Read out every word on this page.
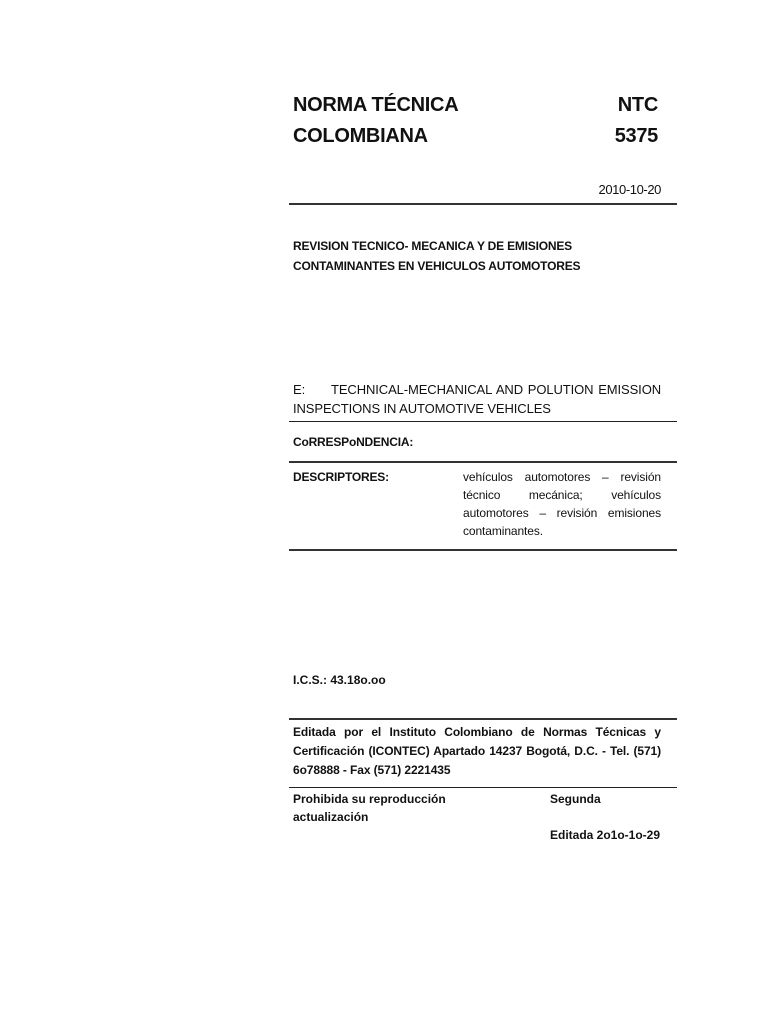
NORMA TÉCNICA
COLOMBIANA
NTC
5375
2010-10-20
REVISION TECNICO- MECANICA Y DE EMISIONES
CONTAMINANTES EN VEHICULOS AUTOMOTORES
E: TECHNICAL-MECHANICAL AND POLUTION EMISSION INSPECTIONS IN AUTOMOTIVE VEHICLES
CoRRESPoNDENCIA:
DESCRIPTORES:	vehículos automotores – revisión técnico mecánica; vehículos automotores – revisión emisiones contaminantes.
I.C.S.: 43.18o.oo
Editada por el Instituto Colombiano de Normas Técnicas y Certificación (ICONTEC) Apartado 14237 Bogotá, D.C. - Tel. (571) 6o78888 - Fax (571) 2221435
Prohibida su reproducción actualización
Segunda
Editada 2o1o-1o-29
